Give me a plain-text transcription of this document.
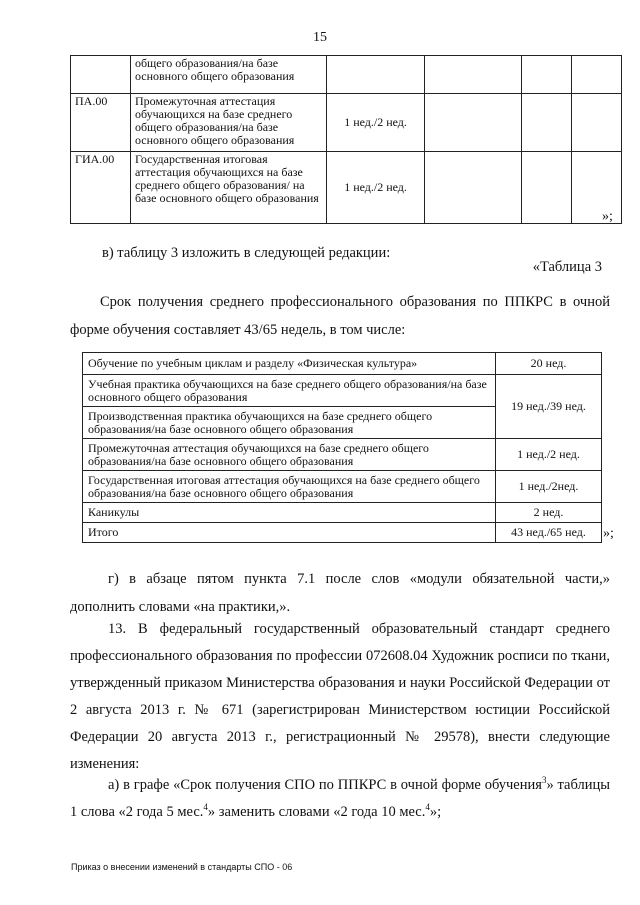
15
	общего образования/на базе основного общего образования				
ПА.00	Промежуточная аттестация обучающихся на базе среднего общего образования/на базе основного общего образования	1 нед./2 нед.			
ГИА.00	Государственная итоговая аттестация обучающихся на базе среднего общего образования/ на базе основного общего образования	1 нед./2 нед.			
»;
в) таблицу 3 изложить в следующей редакции:
«Таблица 3
Срок получения среднего профессионального образования по ППКРС в очной форме обучения составляет 43/65 недель, в том числе:
Обучение по учебным циклам и разделу «Физическая культура»	20 нед.
Учебная практика обучающихся на базе среднего общего образования/на базе основного общего образования	19 нед./39 нед.
Производственная практика обучающихся на базе среднего общего образования/на базе основного общего образования	
Промежуточная аттестация обучающихся на базе среднего общего образования/на базе основного общего образования	1 нед./2 нед.
Государственная итоговая аттестация обучающихся на базе среднего общего образования/на базе основного общего образования	1 нед./2нед.
Каникулы	2 нед.
Итого	43 нед./65 нед. »;
г) в абзаце пятом пункта 7.1 после слов «модули обязательной части,» дополнить словами «на практики,».
13. В федеральный государственный образовательный стандарт среднего профессионального образования по профессии 072608.04 Художник росписи по ткани, утвержденный приказом Министерства образования и науки Российской Федерации от 2 августа 2013 г. № 671 (зарегистрирован Министерством юстиции Российской Федерации 20 августа 2013 г., регистрационный № 29578), внести следующие изменения:
а) в графе «Срок получения СПО по ППКРС в очной форме обучения$^3$» таблицы 1 слова «2 года 5 мес.$^4$» заменить словами «2 года 10 мес.$^4$»;
Приказ о внесении изменений в стандарты СПО - 06
